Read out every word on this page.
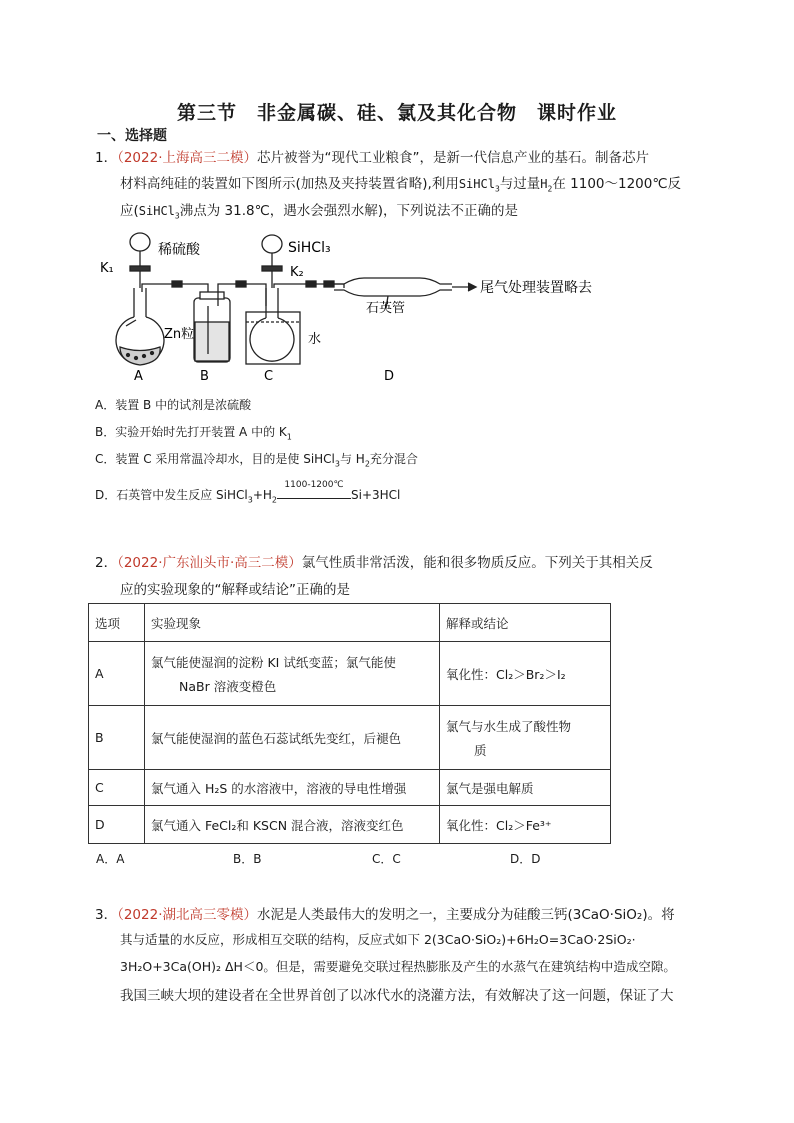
第三节　非金属碳、硅、氯及其化合物　课时作业
一、选择题
1．（2022·上海高三二模）芯片被誉为“现代工业粮食”，是新一代信息产业的基石。制备芯片
材料高纯硅的装置如下图所示(加热及夹持装置省略),利用SiHCl$_3$与过量$H_2$在 1100～1200℃反
应(SiHCl$_3$沸点为 31.8℃，遇水会强烈水解)，下列说法不正确的是
稀硫酸	SiHCl₃
K₁	K₂
Zn粒	水
石英管
尾气处理装置略去
A	B	C	D
A．装置 B 中的试剂是浓硫酸
B．实验开始时先打开装置 A 中的 $K_1$
C．装置 C 采用常温冷却水，目的是使 SiHCl$_3$与 $H_2$充分混合
D．石英管中发生反应 $SiHCl_3+H_2$
1100-1200℃
Si+3HCl
2．（2022·广东汕头市·高三二模）氯气性质非常活泼，能和很多物质反应。下列关于其相关反
应的实验现象的“解释或结论”正确的是
选项	实验现象	解释或结论
A	氯气能使湿润的淀粉 KI 试纸变蓝；氯气能使
NaBr 溶液变橙色	氧化性：Cl₂＞Br₂＞I₂
B	氯气能使湿润的蓝色石蕊试纸先变红，后褪色	氯气与水生成了酸性物
质

C	氯气通入 H₂S 的水溶液中，溶液的导电性增强	氯气是强电解质
D	氯气通入 FeCl₂和 KSCN 混合液，溶液变红色	氧化性：Cl₂＞Fe³⁺
A．A	B．B	C．C	D．D
3．（2022·湖北高三零模）水泥是人类最伟大的发明之一，主要成分为硅酸三钙(3CaO·SiO₂)。将
其与适量的水反应，形成相互交联的结构，反应式如下 2(3CaO·SiO₂)+6H₂O=3CaO·2SiO₂·
3H₂O+3Ca(OH)₂ ΔH＜0。但是，需要避免交联过程热膨胀及产生的水蒸气在建筑结构中造成空隙。
我国三峡大坝的建设者在全世界首创了以冰代水的浇灌方法，有效解决了这一问题，保证了大
